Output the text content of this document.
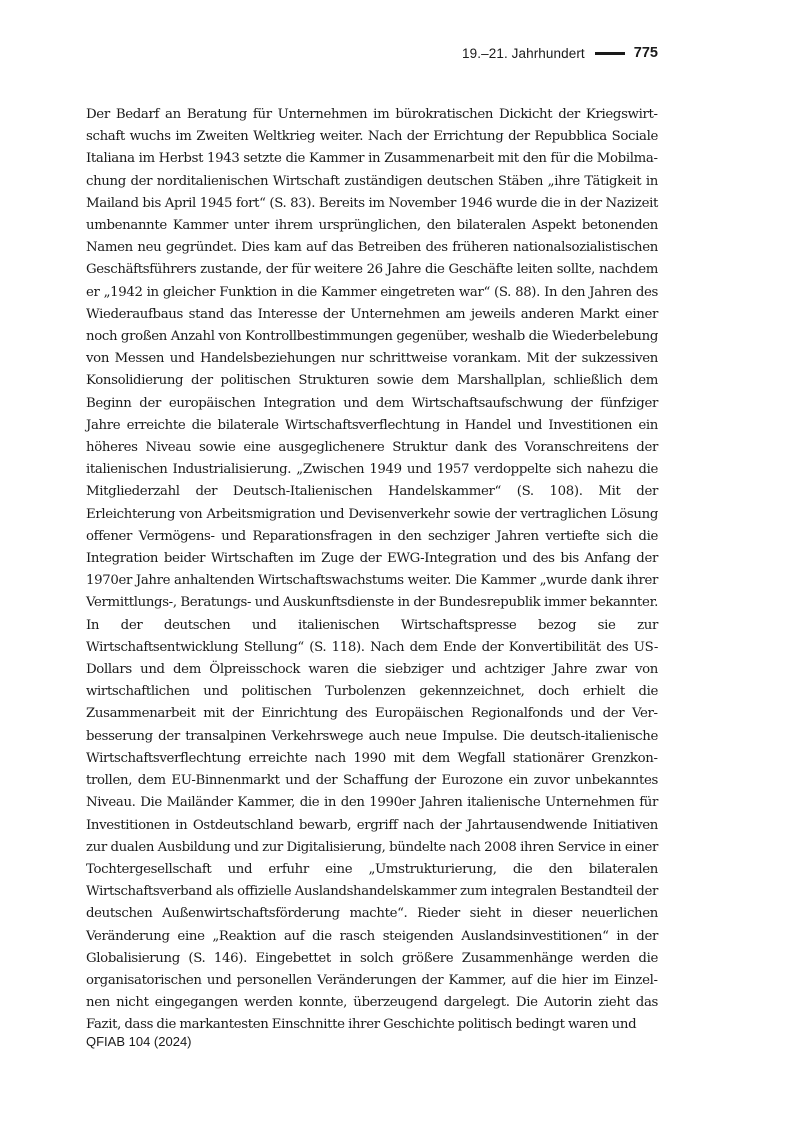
19.–21. Jahrhundert	775

Der Bedarf an Beratung für Unternehmen im bürokratischen Dickicht der Kriegswirtschaft wuchs im Zweiten Weltkrieg weiter. Nach der Errichtung der Repubblica Sociale Italiana im Herbst 1943 setzte die Kammer in Zusammenarbeit mit den für die Mobilmachung der norditalienischen Wirtschaft zuständigen deutschen Stäben „ihre Tätigkeit in Mailand bis April 1945 fort“ (S. 83). Bereits im November 1946 wurde die in der Nazizeit umbenannte Kammer unter ihrem ursprünglichen, den bilateralen Aspekt betonenden Namen neu gegründet. Dies kam auf das Betreiben des früheren nationalsozialistischen Geschäftsführers zustande, der für weitere 26 Jahre die Geschäfte leiten sollte, nachdem er „1942 in gleicher Funktion in die Kammer eingetreten war“ (S. 88). In den Jahren des Wiederaufbaus stand das Interesse der Unternehmen am jeweils anderen Markt einer noch großen Anzahl von Kontrollbestimmungen gegenüber, weshalb die Wiederbelebung von Messen und Handelsbeziehungen nur schrittweise vorankam. Mit der sukzessiven Konsolidierung der politischen Strukturen sowie dem Marshallplan, schließlich dem Beginn der europäischen Integration und dem Wirtschaftsaufschwung der fünfziger Jahre erreichte die bilaterale Wirtschaftsverflechtung in Handel und Investitionen ein höheres Niveau sowie eine ausgeglichenere Struktur dank des Voranschreitens der italienischen Industrialisierung. „Zwischen 1949 und 1957 verdoppelte sich nahezu die Mitgliederzahl der Deutsch-Italienischen Handelskammer“ (S. 108). Mit der Erleichterung von Arbeitsmigration und Devisenverkehr sowie der vertraglichen Lösung offener Vermögens- und Reparationsfragen in den sechziger Jahren vertiefte sich die Integration beider Wirtschaften im Zuge der EWG-Integration und des bis Anfang der 1970er Jahre anhaltenden Wirtschaftswachstums weiter. Die Kammer „wurde dank ihrer Vermittlungs-, Beratungs- und Auskunftsdienste in der Bundesrepublik immer bekannter. In der deutschen und italienischen Wirtschaftspresse bezog sie zur Wirtschaftsentwicklung Stellung“ (S. 118). Nach dem Ende der Konvertibilität des US-Dollars und dem Ölpreisschock waren die siebziger und achtziger Jahre zwar von wirtschaftlichen und politischen Turbolenzen gekennzeichnet, doch erhielt die Zusammenarbeit mit der Einrichtung des Europäischen Regionalfonds und der Verbesserung der transalpinen Verkehrswege auch neue Impulse. Die deutsch-italienische Wirtschaftsverflechtung erreichte nach 1990 mit dem Wegfall stationärer Grenzkontrollen, dem EU-Binnenmarkt und der Schaffung der Eurozone ein zuvor unbekanntes Niveau. Die Mailänder Kammer, die in den 1990er Jahren italienische Unternehmen für Investitionen in Ostdeutschland bewarb, ergriff nach der Jahrtausendwende Initiativen zur dualen Ausbildung und zur Digitalisierung, bündelte nach 2008 ihren Service in einer Tochtergesellschaft und erfuhr eine „Umstrukturierung, die den bilateralen Wirtschaftsverband als offizielle Auslandshandelskammer zum integralen Bestandteil der deutschen Außenwirtschaftsförderung machte“. Rieder sieht in dieser neuerlichen Veränderung eine „Reaktion auf die rasch steigenden Auslandsinvestitionen“ in der Globalisierung (S. 146). Eingebettet in solch größere Zusammenhänge werden die organisatorischen und personellen Veränderungen der Kammer, auf die hier im Einzelnen nicht eingegangen werden konnte, überzeugend dargelegt. Die Autorin zieht das Fazit, dass die markantesten Einschnitte ihrer Geschichte politisch bedingt waren und

QFIAB 104 (2024)
